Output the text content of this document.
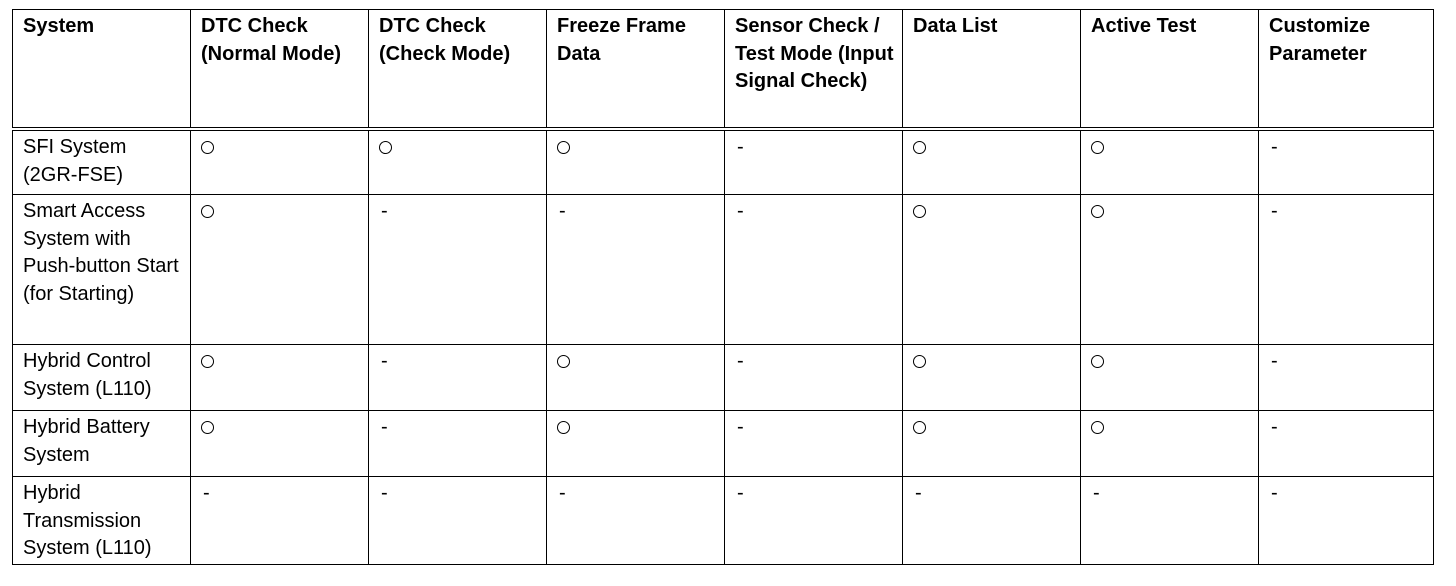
System	DTC Check (Normal Mode)	DTC Check (Check Mode)	Freeze Frame Data	Sensor Check / Test Mode (Input Signal Check)	Data List	Active Test	Customize Parameter
SFI System (2GR-FSE)				-			-
Smart Access System with Push-button Start (for Starting)		-	-	-			-
Hybrid Control System (L110)		-		-			-
Hybrid Battery System		-		-			-
Hybrid Transmission System (L110)	-	-	-	-	-	-	-
